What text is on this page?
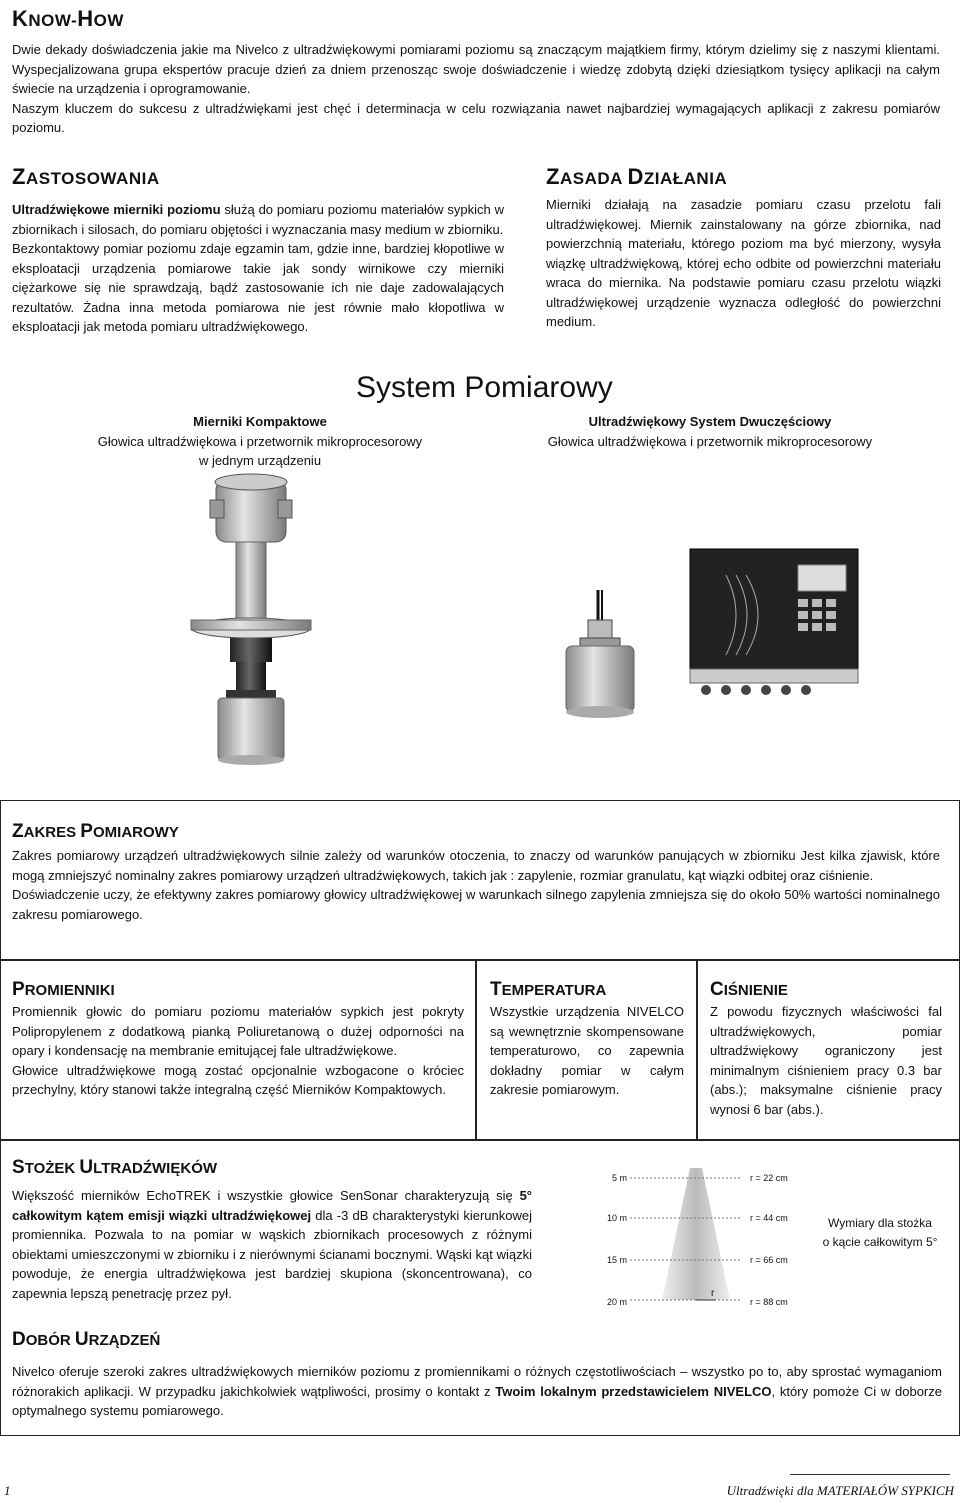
KNOW-HOW

Dwie dekady doświadczenia jakie ma Nivelco z ultradźwiękowymi pomiarami poziomu są znaczącym majątkiem firmy, którym dzielimy się z naszymi klientami. Wyspecjalizowana grupa ekspertów pracuje dzień za dniem przenosząc swoje doświadczenie i wiedzę zdobytą dzięki dziesiątkom tysięcy aplikacji na całym świecie na urządzenia i oprogramowanie.

Naszym kluczem do sukcesu z ultradźwiękami jest chęć i determinacja w celu rozwiązania nawet najbardziej wymagających aplikacji z zakresu pomiarów poziomu.

ZASTOSOWANIA

Ultradźwiękowe mierniki poziomu służą do pomiaru poziomu materiałów sypkich w zbiornikach i silosach, do pomiaru objętości i wyznaczania masy medium w zbiorniku.

Bezkontaktowy pomiar poziomu zdaje egzamin tam, gdzie inne, bardziej kłopotliwe w eksploatacji urządzenia pomiarowe takie jak sondy wirnikowe czy mierniki ciężarkowe się nie sprawdzają, bądź zastosowanie ich nie daje zadowalających rezultatów. Żadna inna metoda pomiarowa nie jest równie mało kłopotliwa w eksploatacji jak metoda pomiaru ultradźwiękowego.

ZASADA DZIAŁANIA

Mierniki działają na zasadzie pomiaru czasu przelotu fali ultradźwiękowej. Miernik zainstalowany na górze zbiornika, nad powierzchnią materiału, którego poziom ma być mierzony, wysyła wiązkę ultradźwiękową, której echo odbite od powierzchni materiału wraca do miernika. Na podstawie pomiaru czasu przelotu wiązki ultradźwiękowej urządzenie wyznacza odległość do powierzchni medium.

System Pomiarowy
Mierniki Kompaktowe
Głowica ultradźwiękowa i przetwornik mikroprocesorowy
w jednym urządzeniu
Ultradźwiękowy System Dwuczęściowy
Głowica ultradźwiękowa i przetwornik mikroprocesorowy
ZAKRES POMIAROWY

Zakres pomiarowy urządzeń ultradźwiękowych silnie zależy od warunków otoczenia, to znaczy od warunków panujących w zbiorniku Jest kilka zjawisk, które mogą zmniejszyć nominalny zakres pomiarowy urządzeń ultradźwiękowych, takich jak : zapylenie, rozmiar granulatu, kąt wiązki odbitej oraz ciśnienie.

Doświadczenie uczy, że efektywny zakres pomiarowy głowicy ultradźwiękowej w warunkach silnego zapylenia zmniejsza się do około 50% wartości nominalnego zakresu pomiarowego.

PROMIENNIKI

Promiennik głowic do pomiaru poziomu materiałów sypkich jest pokryty Polipropylenem z dodatkową pianką Poliuretanową o dużej odporności na opary i kondensację na membranie emitującej fale ultradźwiękowe.

Głowice ultradźwiękowe mogą zostać opcjonalnie wzbogacone o króciec przechylny, który stanowi także integralną część Mierników Kompaktowych.

TEMPERATURA

Wszystkie urządzenia NIVELCO są wewnętrznie skompensowane temperaturowo, co zapewnia dokładny pomiar w całym zakresie pomiarowym.

CIŚNIENIE

Z powodu fizycznych właściwości fal ultradźwiękowych, pomiar ultradźwiękowy ograniczony jest minimalnym ciśnieniem pracy 0.3 bar (abs.); maksymalne ciśnienie pracy wynosi 6 bar (abs.).

STOŻEK ULTRADŹWIĘKÓW

Większość mierników EchoTREK i wszystkie głowice SenSonar charakteryzują się 5° całkowitym kątem emisji wiązki ultradźwiękowej dla -3 dB charakterystyki kierunkowej promiennika. Pozwala to na pomiar w wąskich zbiornikach procesowych z różnymi obiektami umieszczonymi w zbiorniku i z nierównymi ścianami bocznymi. Wąski kąt wiązki powoduje, że energia ultradźwiękowa jest bardziej skupiona (skoncentrowana), co zapewnia lepszą penetrację przez pył.

5 m
10 m
15 m
20 m
r = 22 cm
r = 44 cm
r = 66 cm
r = 88 cm
r
Wymiary dla stożka
o kącie całkowitym 5°
DOBÓR URZĄDZEŃ

Nivelco oferuje szeroki zakres ultradźwiękowych mierników poziomu z promiennikami o różnych częstotliwościach – wszystko po to, aby sprostać wymaganiom różnorakich aplikacji. W przypadku jakichkolwiek wątpliwości, prosimy o kontakt z Twoim lokalnym przedstawicielem NIVELCO, który pomoże Ci w doborze optymalnego systemu pomiarowego.

1	Ultradźwięki dla MATERIAŁÓW SYPKICH
